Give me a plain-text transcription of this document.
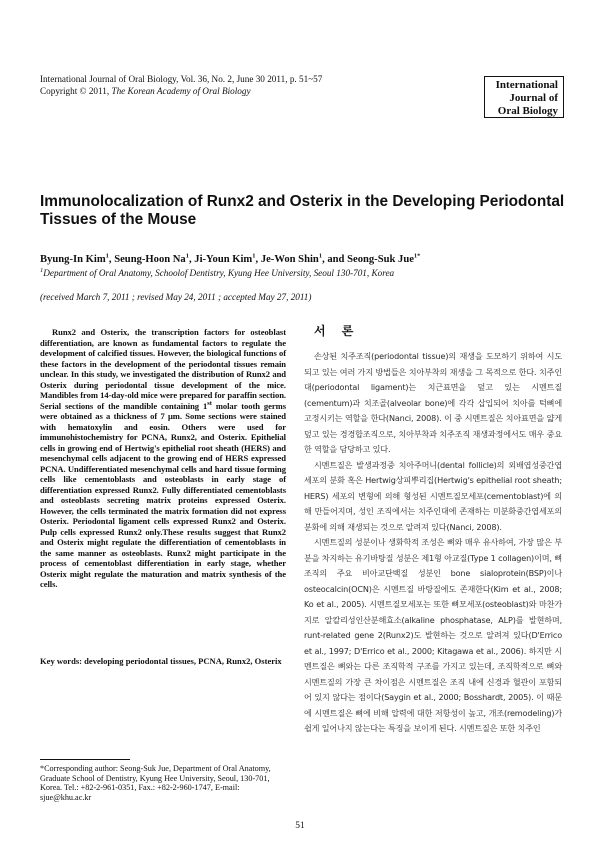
International Journal of Oral Biology, Vol. 36, No. 2, June 30 2011, p. 51~57
Copyright © 2011, The Korean Academy of Oral Biology	International
Journal of
Oral Biology
Immunolocalization of Runx2 and Osterix in the Developing Periodontal Tissues of the Mouse
Byung-In Kim$^1$, Seung-Hoon Na$^1$, Ji-Youn Kim$^1$, Je-Won Shin$^1$, and Seong-Suk Jue$^{1*}$
$^1$Department of Oral Anatomy, Schoolof Dentistry, Kyung Hee University, Seoul 130-701, Korea
(received March 7, 2011 ; revised May 24, 2011 ; accepted May 27, 2011)
Runx2 and Osterix, the transcription factors for osteoblast differentiation, are known as fundamental factors to regulate the development of calcified tissues. However, the biological functions of these factors in the development of the periodontal tissues remain unclear. In this study, we investigated the distribution of Runx2 and Osterix during periodontal tissue development of the mice. Mandibles from 14-day-old mice were prepared for paraffin section. Serial sections of the mandible containing 1st molar tooth germs were obtained as a thickness of 7 μm. Some sections were stained with hematoxylin and eosin. Others were used for immunohistochemistry for PCNA, Runx2, and Osterix. Epithelial cells in growing end of Hertwig's epithelial root sheath (HERS) and mesenchymal cells adjacent to the growing end of HERS expressed PCNA. Undifferentiated mesenchymal cells and hard tissue forming cells like cementoblasts and osteoblasts in early stage of differentiation expressed Runx2. Fully differentiated cementoblasts and osteoblasts secreting matrix proteins expressed Osterix. However, the cells terminated the matrix formation did not express Osterix. Periodontal ligament cells expressed Runx2 and Osterix. Pulp cells expressed Runx2 only.These results suggest that Runx2 and Osterix might regulate the differentiation of cementoblasts in the same manner as osteoblasts. Runx2 might participate in the process of cementoblast differentiation in early stage, whether Osterix might regulate the maturation and matrix synthesis of the cells.
Key words: developing periodontal tissues, PCNA, Runx2, Osterix
*Corresponding author: Seong-Suk Jue, Department of Oral Anatomy, Graduate School of Dentistry, Kyung Hee University, Seoul, 130-701, Korea. Tel.: +82-2-961-0351, Fax.: +82-2-960-1747, E-mail: sjue@khu.ac.kr
서 론

손상된 치주조직(periodontal tissue)의 재생을 도모하기 위하여 시도되고 있는 여러 가지 방법들은 치아부착의 재생을 그 목적으로 한다. 치주인대(periodontal ligament)는 치근표면을 덮고 있는 시멘트질(cementum)과 치조골(alveolar bone)에 각각 삽입되어 치아를 턱뼈에 고정시키는 역할을 한다(Nanci, 2008). 이 중 시멘트질은 치아표면을 얇게 덮고 있는 경경합조직으로, 치아부착과 치주조직 재생과정에서도 매우 중요한 역할을 담당하고 있다.

시멘트질은 발생과정중 치아주머니(dental follicle)의 외배엽성중간엽세포의 분화 혹은 Hertwig상피뿌리집(Hertwig's epithelial root sheath; HERS) 세포의 변형에 의해 형성된 시멘트질모세포(cementoblast)에 의해 만들어지며, 성인 조직에서는 치주인대에 존재하는 미분화중간엽세포의 분화에 의해 재생되는 것으로 알려져 있다(Nanci, 2008).

시멘트질의 성분이나 생화학적 조성은 뼈와 매우 유사하여, 가장 많은 부분을 차지하는 유기바탕질 성분은 제1형 아교질(Type 1 collagen)이며, 뼈조직의 주요 비아교단백질 성분인 bone sialoprotein(BSP)이나 osteocalcin(OCN)은 시멘트질 바탕질에도 존재한다(Kim et al., 2008; Ko et al., 2005). 시멘트질모세포는 또한 뼈모세포(osteoblast)와 마찬가지로 알칼리성인산분해효소(alkaline phosphatase, ALP)를 발현하며, runt-related gene 2(Runx2)도 발현하는 것으로 알려져 있다(D'Errico et al., 1997; D'Errico et al., 2000; Kitagawa et al., 2006). 하지만 시멘트질은 뼈와는 다른 조직학적 구조를 가지고 있는데, 조직학적으로 뼈와 시멘트질의 가장 큰 차이점은 시멘트질은 조직 내에 신경과 혈관이 포함되어 있지 않다는 점이다(Saygin et al., 2000; Bosshardt, 2005). 이 때문에 시멘트질은 뼈에 비해 압력에 대한 저항성이 높고, 개조(remodeling)가 쉽게 일어나지 않는다는 특징을 보이게 된다. 시멘트질은 또한 치주인

51
